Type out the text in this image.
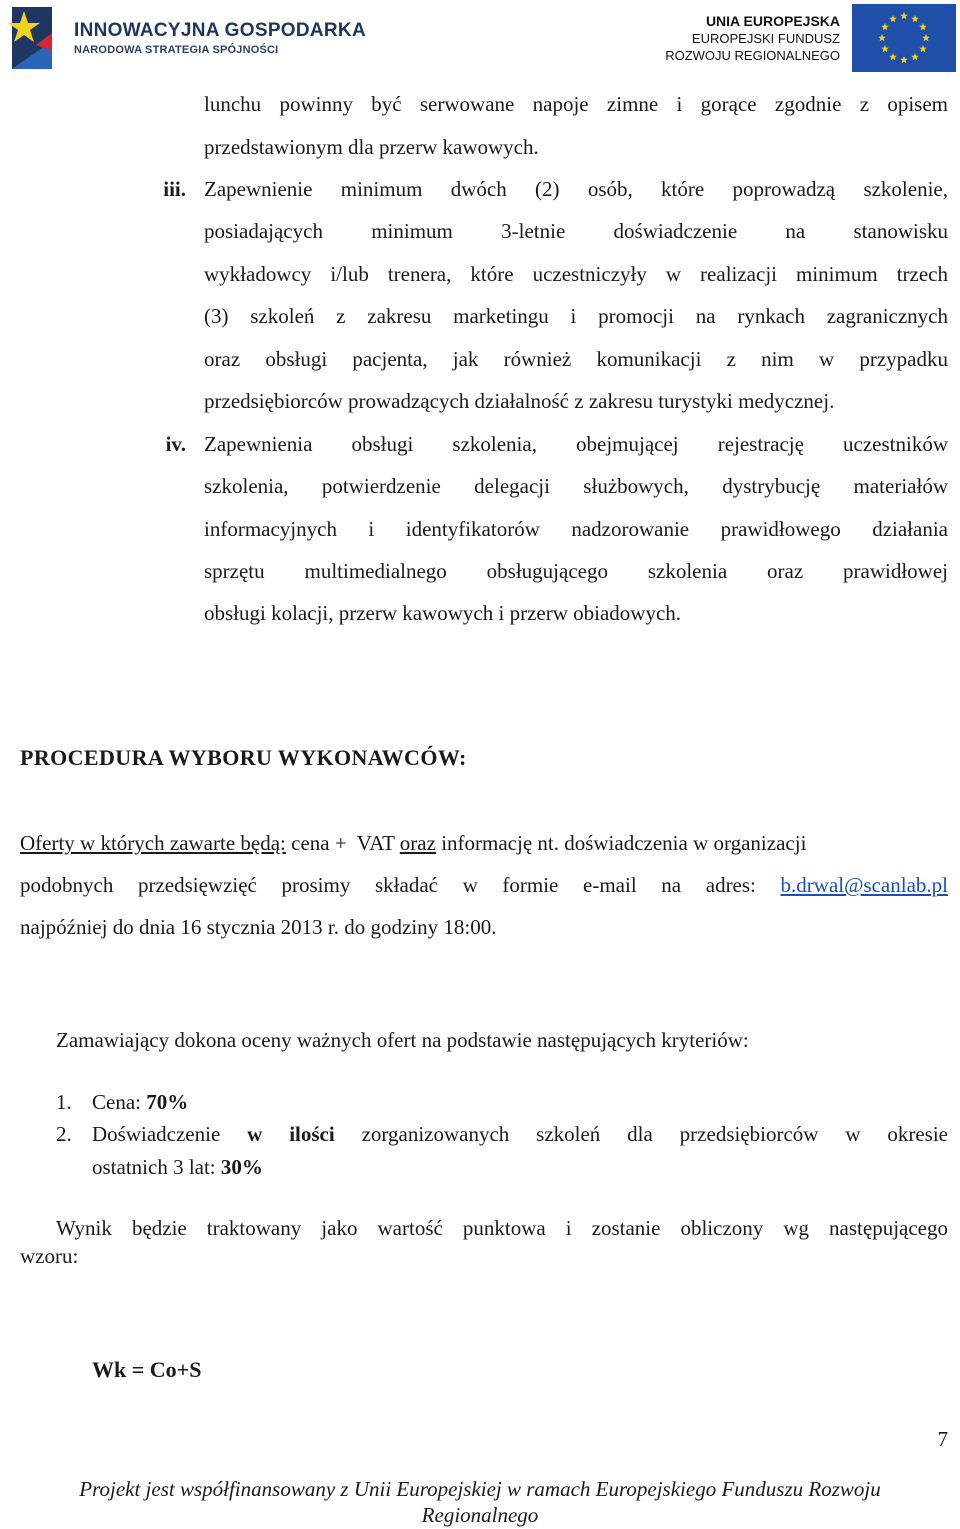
INNOWACYJNA GOSPODARKA
NARODOWA STRATEGIA SPÓJNOŚCI
UNIA EUROPEJSKA
EUROPEJSKI FUNDUSZ
ROZWOJU REGIONALNEGO
lunchu powinny być serwowane napoje zimne i gorące zgodnie z opisem
przedstawionym dla przerw kawowych.
iii. Zapewnienie minimum dwóch (2) osób, które poprowadzą szkolenie,
posiadających minimum 3-letnie doświadczenie na stanowisku
wykładowcy i/lub trenera, które uczestniczyły w realizacji minimum trzech
(3) szkoleń z zakresu marketingu i promocji na rynkach zagranicznych
oraz obsługi pacjenta, jak również komunikacji z nim w przypadku
przedsiębiorców prowadzących działalność z zakresu turystyki medycznej.
iv. Zapewnienia obsługi szkolenia, obejmującej rejestrację uczestników
szkolenia, potwierdzenie delegacji służbowych, dystrybucję materiałów
informacyjnych i identyfikatorów nadzorowanie prawidłowego działania
sprzętu multimedialnego obsługującego szkolenia oraz prawidłowej
obsługi kolacji, przerw kawowych i przerw obiadowych.
PROCEDURA WYBORU WYKONAWCÓW:
Oferty w których zawarte będą: cena +  VAT oraz informację nt. doświadczenia w organizacji
podobnych przedsięwzięć prosimy składać w formie e-mail na adres: b.drwal@scanlab.pl
najpóźniej do dnia 16 stycznia 2013 r. do godziny 18:00.
Zamawiający dokona oceny ważnych ofert na podstawie następujących kryteriów:
1. Cena: 70%
2. Doświadczenie w ilości zorganizowanych szkoleń dla przedsiębiorców w okresie
ostatnich 3 lat: 30%
Wynik będzie traktowany jako wartość punktowa i zostanie obliczony wg następującego
wzoru:
Wk = Co+S
7
Projekt jest współfinansowany z Unii Europejskiej w ramach Europejskiego Funduszu Rozwoju
Regionalnego
